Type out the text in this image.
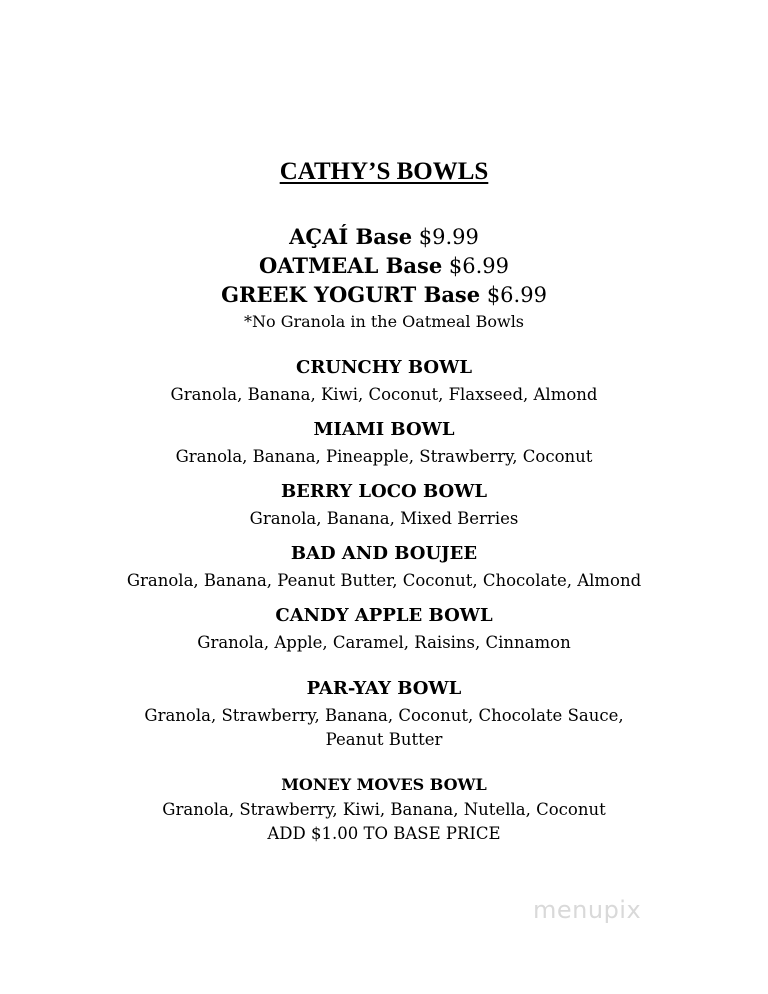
CATHY’S BOWLS
AÇAÍ Base $9.99
OATMEAL Base $6.99
GREEK YOGURT Base $6.99
*No Granola in the Oatmeal Bowls
CRUNCHY BOWL
Granola, Banana, Kiwi, Coconut, Flaxseed, Almond
MIAMI BOWL
Granola, Banana, Pineapple, Strawberry, Coconut
BERRY LOCO BOWL
Granola, Banana, Mixed Berries
BAD AND BOUJEE
Granola, Banana, Peanut Butter, Coconut, Chocolate, Almond
CANDY APPLE BOWL
Granola, Apple, Caramel, Raisins, Cinnamon
PAR-YAY BOWL
Granola, Strawberry, Banana, Coconut, Chocolate Sauce,
Peanut Butter
MONEY MOVES BOWL
Granola, Strawberry, Kiwi, Banana, Nutella, Coconut
ADD $1.00 TO BASE PRICE
menupix
